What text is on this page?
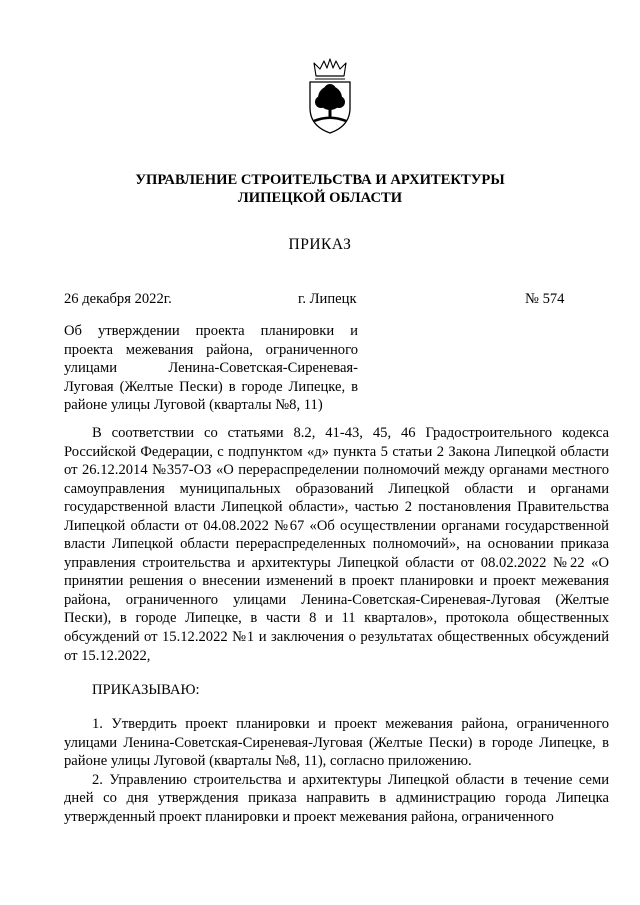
УПРАВЛЕНИЕ СТРОИТЕЛЬСТВА И АРХИТЕКТУРЫ
ЛИПЕЦКОЙ ОБЛАСТИ
ПРИКАЗ
26 декабря 2022г.	г. Липецк	№ 574
Об утверждении проекта планировки и проекта межевания района, ограниченного улицами Ленина-Советская-Сиреневая-Луговая (Желтые Пески) в городе Липецке, в районе улицы Луговой (кварталы №8, 11)

В соответствии со статьями 8.2, 41-43, 45, 46 Градостроительного кодекса Российской Федерации, с подпунктом «д» пункта 5 статьи 2 Закона Липецкой области от 26.12.2014 №357-ОЗ «О перераспределении полномочий между органами местного самоуправления муниципальных образований Липецкой области и органами государственной власти Липецкой области», частью 2 постановления Правительства Липецкой области от 04.08.2022 №67 «Об осуществлении органами государственной власти Липецкой области перераспределенных полномочий», на основании приказа управления строительства и архитектуры Липецкой области от 08.02.2022 №22 «О принятии решения о внесении изменений в проект планировки и проект межевания района, ограниченного улицами Ленина-Советская-Сиреневая-Луговая (Желтые Пески), в городе Липецке, в части 8 и 11 кварталов», протокола общественных обсуждений от 15.12.2022 №1 и заключения о результатах общественных обсуждений от 15.12.2022,

ПРИКАЗЫВАЮ:

1. Утвердить проект планировки и проект межевания района, ограниченного улицами Ленина-Советская-Сиреневая-Луговая (Желтые Пески) в городе Липецке, в районе улицы Луговой (кварталы №8, 11), согласно приложению.

2. Управлению строительства и архитектуры Липецкой области в течение семи дней со дня утверждения приказа направить в администрацию города Липецка утвержденный проект планировки и проект межевания района, ограниченного
